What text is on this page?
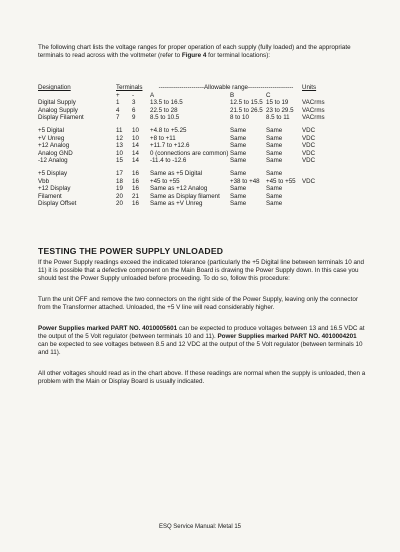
The following chart lists the voltage ranges for proper operation of each supply (fully loaded) and the appropriate terminals to read across with the voltmeter (refer to Figure 4 for terminal locations):
Designation	Terminals		----------------------Allowable range----------------------			Units
	+	-	A	B	C	
Digital Supply	1	3	13.5 to 16.5	12.5 to 15.5	15 to 19	VACrms
Analog Supply	4	6	22.5 to 28	21.5 to 26.5	23 to 29.5	VACrms
Display Filament	7	9	8.5 to 10.5	8 to 10	8.5 to 11	VACrms
+5 Digital	11	10	+4.8 to +5.25	Same	Same	VDC
+V Unreg	12	10	+8 to +11	Same	Same	VDC
+12 Analog	13	14	+11.7 to +12.6	Same	Same	VDC
Analog GND	10	14	0 (connections are common)	Same	Same	VDC
-12 Analog	15	14	-11.4 to -12.6	Same	Same	VDC
+5 Display	17	16	Same as +5 Digital	Same	Same	
Vbb	18	16	+45 to +55	+38 to +48	+45 to +55	VDC
+12 Display	19	16	Same as +12 Analog	Same	Same	
Filament	20	21	Same as Display filament	Same	Same	
Display Offset	20	16	Same as +V Unreg	Same	Same	
TESTING THE POWER SUPPLY UNLOADED

If the Power Supply readings exceed the indicated tolerance (particularly the +5 Digital line between terminals 10 and 11) it is possible that a defective component on the Main Board is drawing the Power Supply down. In this case you should test the Power Supply unloaded before proceeding. To do so, follow this procedure:

Turn the unit OFF and remove the two connectors on the right side of the Power Supply, leaving only the connector from the Transformer attached. Unloaded, the +5 V line will read considerably higher.

Power Supplies marked PART NO. 4010005601 can be expected to produce voltages between 13 and 16.5 VDC at the output of the 5 Volt regulator (between terminals 10 and 11). Power Supplies marked PART NO. 4010004201 can be expected to see voltages between 8.5 and 12 VDC at the output of the 5 Volt regulator (between terminals 10 and 11).

All other voltages should read as in the chart above. If these readings are normal when the supply is unloaded, then a problem with the Main or Display Board is usually indicated.

ESQ Service Manual: Metal 15
